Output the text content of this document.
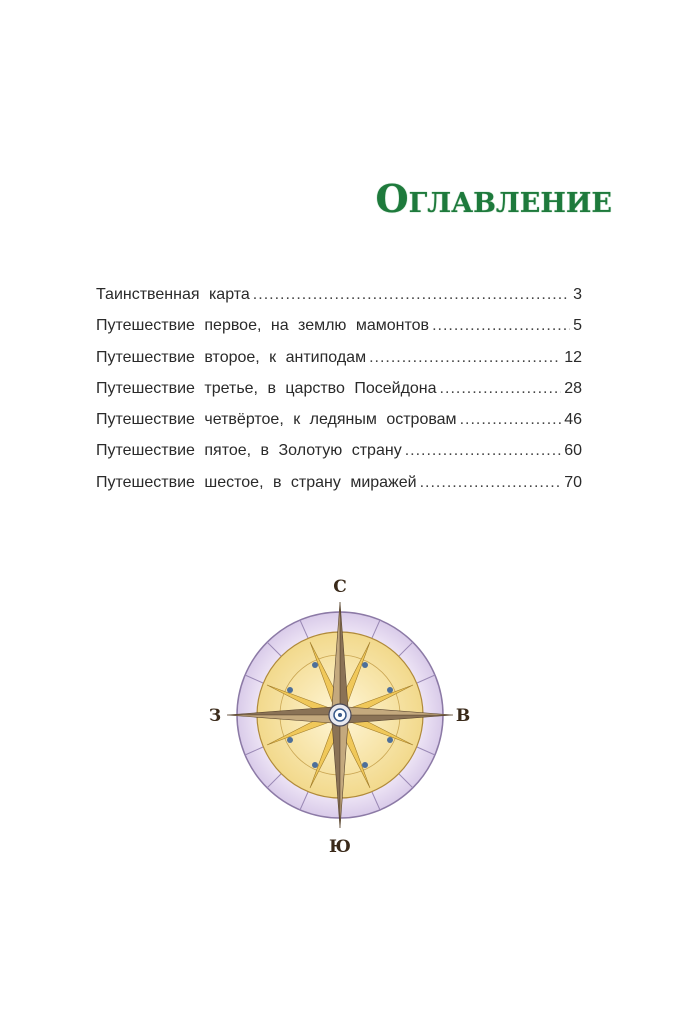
Оглавление
Таинственная карта .....	3
Путешествие первое, на землю мамонтов .....	5
Путешествие второе, к антиподам .....	12
Путешествие третье, в царство Посейдона .....	28
Путешествие четвёртое, к ледяным островам .....	46
Путешествие пятое, в Золотую страну .....	60
Путешествие шестое, в страну миражей .....	70
С
В
Ю
З
